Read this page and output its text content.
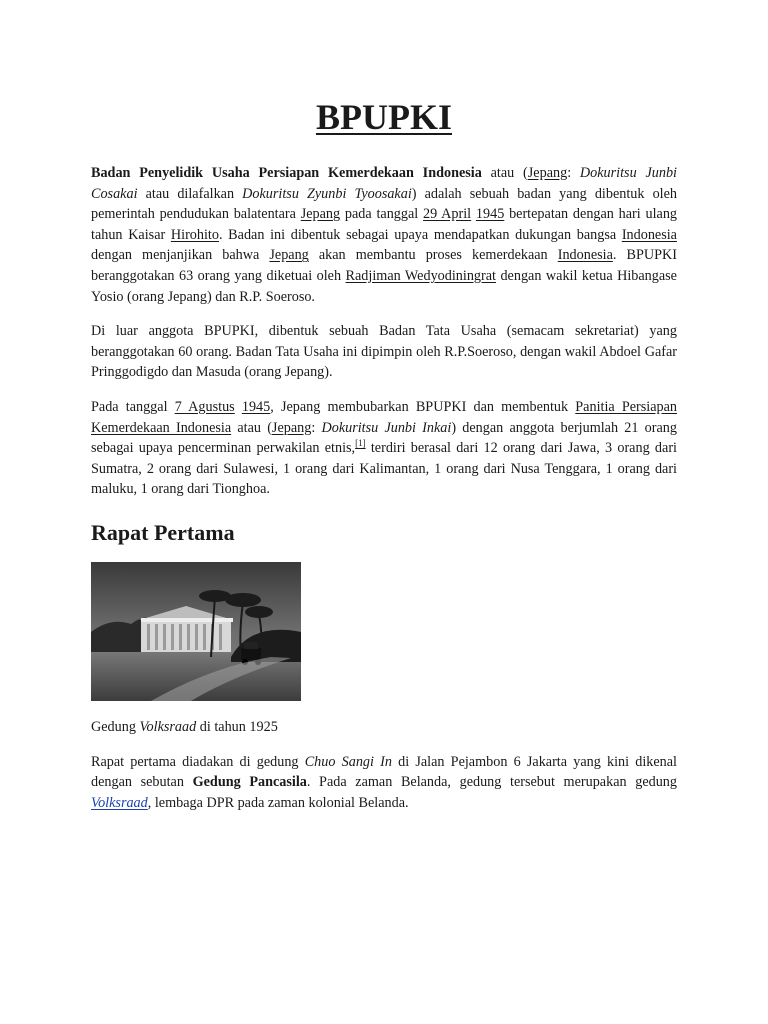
BPUPKI

Badan Penyelidik Usaha Persiapan Kemerdekaan Indonesia atau (Jepang: Dokuritsu Junbi Cosakai atau dilafalkan Dokuritsu Zyunbi Tyoosakai) adalah sebuah badan yang dibentuk oleh pemerintah pendudukan balatentara Jepang pada tanggal 29 April 1945 bertepatan dengan hari ulang tahun Kaisar Hirohito. Badan ini dibentuk sebagai upaya mendapatkan dukungan bangsa Indonesia dengan menjanjikan bahwa Jepang akan membantu proses kemerdekaan Indonesia. BPUPKI beranggotakan 63 orang yang diketuai oleh Radjiman Wedyodiningrat dengan wakil ketua Hibangase Yosio (orang Jepang) dan R.P. Soeroso.

Di luar anggota BPUPKI, dibentuk sebuah Badan Tata Usaha (semacam sekretariat) yang beranggotakan 60 orang. Badan Tata Usaha ini dipimpin oleh R.P.Soeroso, dengan wakil Abdoel Gafar Pringgodigdo dan Masuda (orang Jepang).

Pada tanggal 7 Agustus 1945, Jepang membubarkan BPUPKI dan membentuk Panitia Persiapan Kemerdekaan Indonesia atau (Jepang: Dokuritsu Junbi Inkai) dengan anggota berjumlah 21 orang sebagai upaya pencerminan perwakilan etnis,[1] terdiri berasal dari 12 orang dari Jawa, 3 orang dari Sumatra, 2 orang dari Sulawesi, 1 orang dari Kalimantan, 1 orang dari Nusa Tenggara, 1 orang dari maluku, 1 orang dari Tionghoa.

Rapat Pertama

Gedung Volksraad di tahun 1925

Rapat pertama diadakan di gedung Chuo Sangi In di Jalan Pejambon 6 Jakarta yang kini dikenal dengan sebutan Gedung Pancasila. Pada zaman Belanda, gedung tersebut merupakan gedung Volksraad, lembaga DPR pada zaman kolonial Belanda.
